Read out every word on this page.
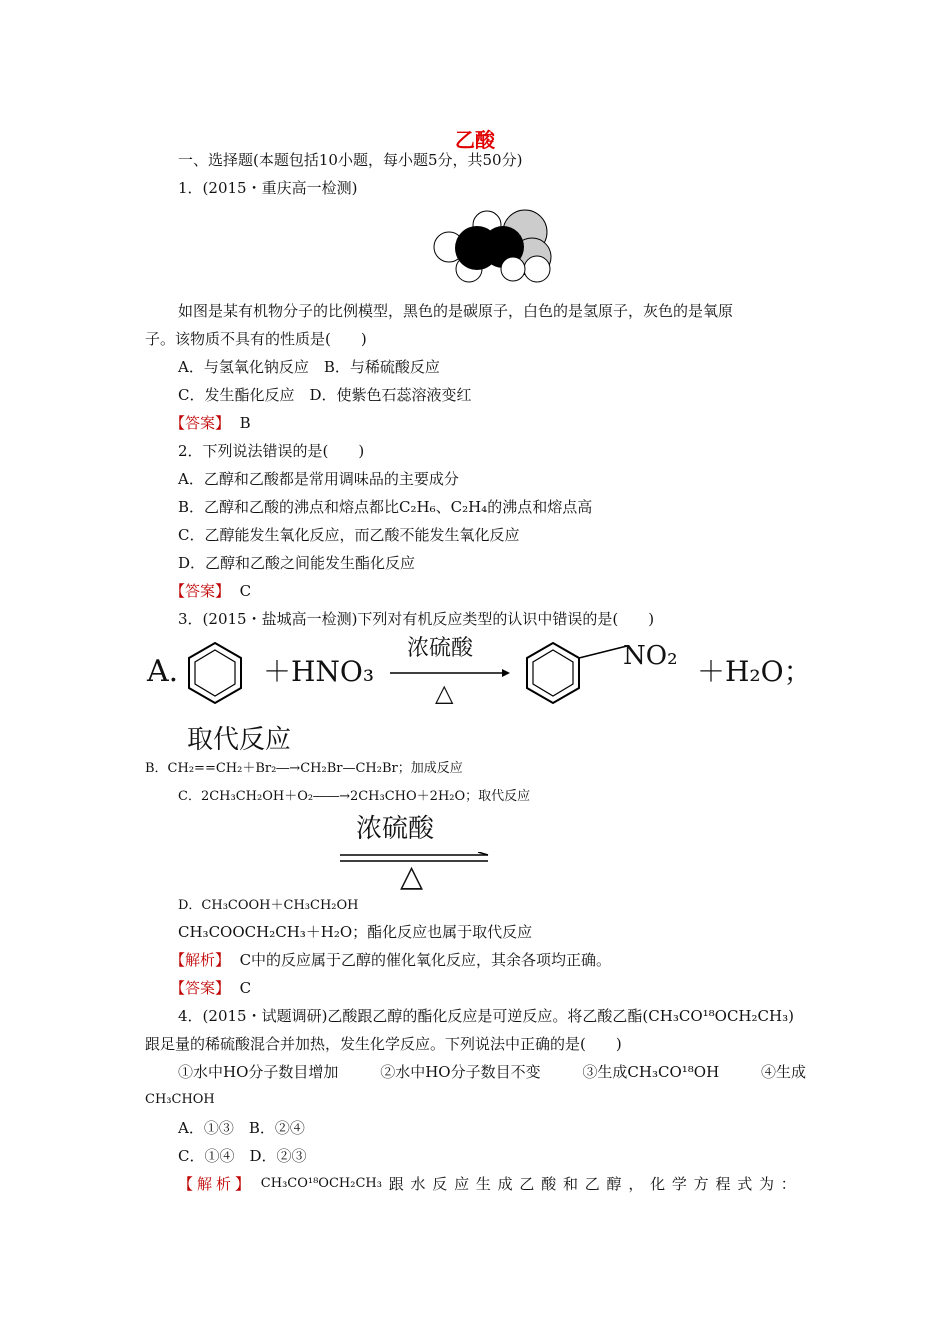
乙酸
一、选择题(本题包括10小题，每小题5分，共50分)
1．(2015・重庆高一检测)
如图是某有机物分子的比例模型，黑色的是碳原子，白色的是氢原子，灰色的是氧原
子。该物质不具有的性质是(　　)
A．与氢氧化钠反应　B．与稀硫酸反应
C．发生酯化反应　D．使紫色石蕊溶液变红
【答案】 B
2．下列说法错误的是(　　)
A．乙醇和乙酸都是常用调味品的主要成分
B．乙醇和乙酸的沸点和熔点都比C₂H₆、C₂H₄的沸点和熔点高
C．乙醇能发生氧化反应，而乙酸不能发生氧化反应
D．乙醇和乙酸之间能发生酯化反应
【答案】 C
3．(2015・盐城高一检测)下列对有机反应类型的认识中错误的是(　　)
A.	＋HNO₃
浓硫酸
△
NO₂ ＋H₂O；
取代反应
B．CH₂==CH₂＋Br₂―→CH₂Br—CH₂Br；加成反应
C．2CH₃CH₂OH＋O₂――→2CH₃CHO＋2H₂O；取代反应
浓硫酸
△
D．CH₃COOH＋CH₃CH₂OH
CH₃COOCH₂CH₃＋H₂O；酯化反应也属于取代反应
【解析】 C中的反应属于乙醇的催化氧化反应，其余各项均正确。
【答案】 C
4．(2015・试题调研)乙酸跟乙醇的酯化反应是可逆反应。将乙酸乙酯(CH₃CO¹⁸OCH₂CH₃)
跟足量的稀硫酸混合并加热，发生化学反应。下列说法中正确的是(　　)
①水中HO分子数目增加	②水中HO分子数目不变	③生成CH₃CO¹⁸OH	④生成
CH₃CHOH
A．①③　B．②④
C．①④　D．②③
【解析】 CH₃CO¹⁸OCH₂CH₃ 跟 水 反 应 生 成 乙 酸 和 乙 醇 ， 化 学 方 程 式 为 ：
